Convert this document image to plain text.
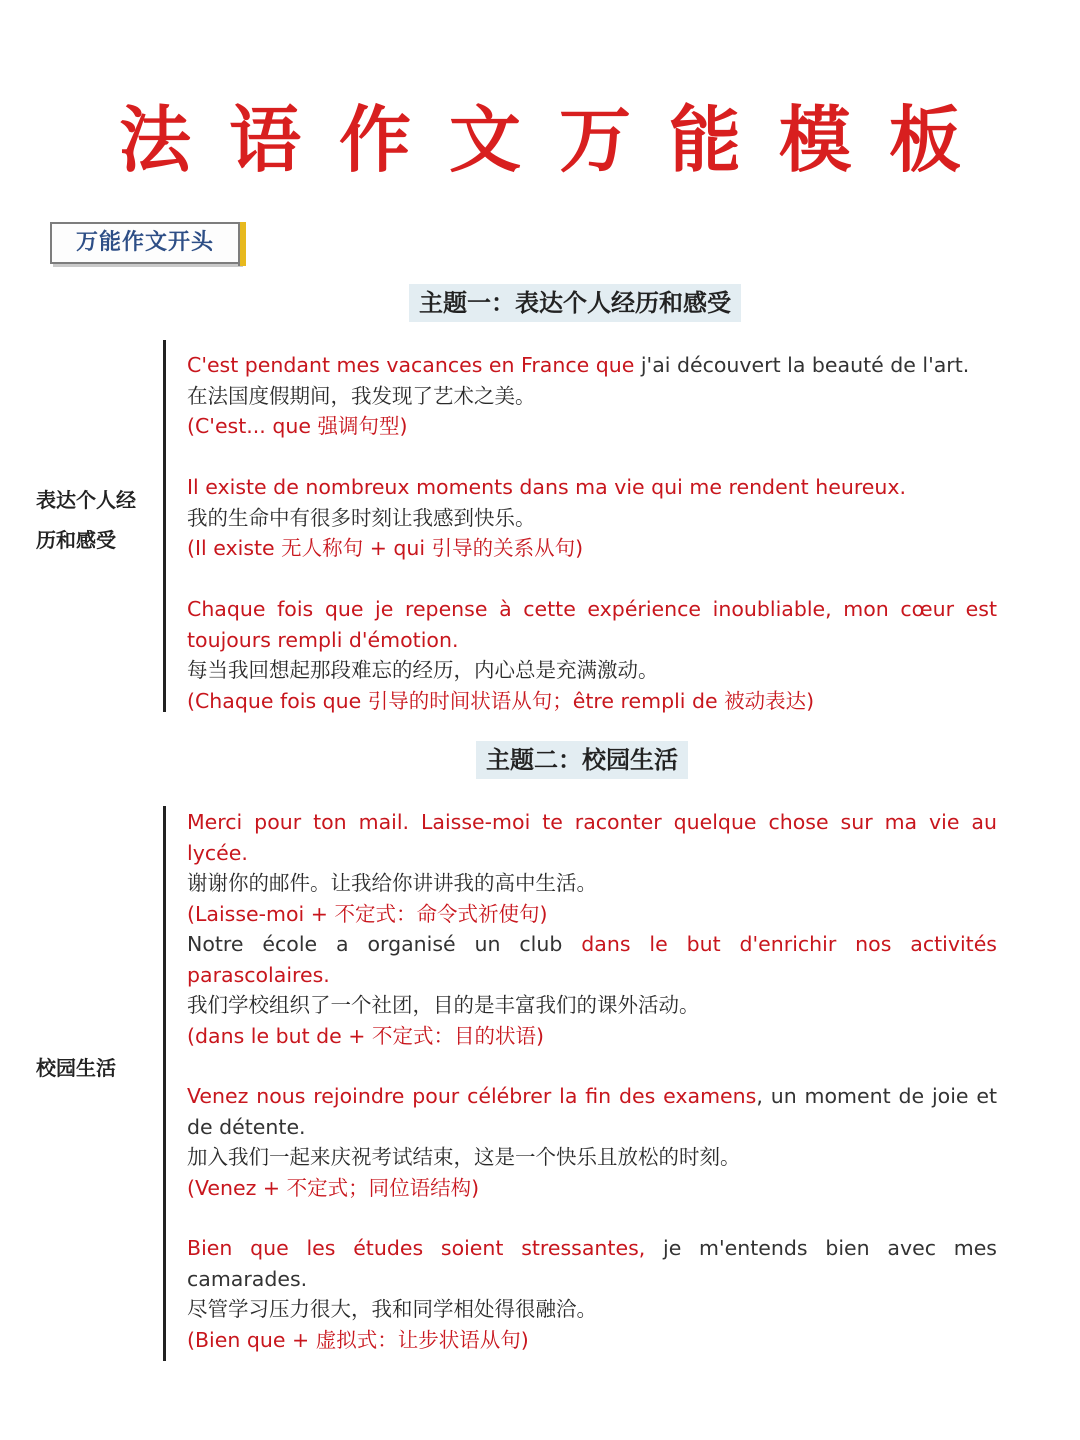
法语作文万能模板
万能作文开头
主题一：表达个人经历和感受
表达个人经
历和感受

C'est pendant mes vacances en France que j'ai découvert la beauté de l'art.

在法国度假期间，我发现了艺术之美。

(C'est... que 强调句型)

Il existe de nombreux moments dans ma vie qui me rendent heureux.

我的生命中有很多时刻让我感到快乐。

(Il existe 无人称句 + qui 引导的关系从句)

Chaque fois que je repense à cette expérience inoubliable, mon cœur est toujours rempli d'émotion.

每当我回想起那段难忘的经历，内心总是充满激动。

(Chaque fois que 引导的时间状语从句；être rempli de 被动表达)

主题二：校园生活
校园生活

Merci pour ton mail. Laisse-moi te raconter quelque chose sur ma vie au lycée.

谢谢你的邮件。让我给你讲讲我的高中生活。

(Laisse-moi + 不定式：命令式祈使句)

Notre école a organisé un club dans le but d'enrichir nos activités parascolaires.

我们学校组织了一个社团，目的是丰富我们的课外活动。

(dans le but de + 不定式：目的状语)

Venez nous rejoindre pour célébrer la fin des examens, un moment de joie et de détente.

加入我们一起来庆祝考试结束，这是一个快乐且放松的时刻。

(Venez + 不定式；同位语结构)

Bien que les études soient stressantes, je m'entends bien avec mes camarades.

尽管学习压力很大，我和同学相处得很融洽。

(Bien que + 虚拟式：让步状语从句)
